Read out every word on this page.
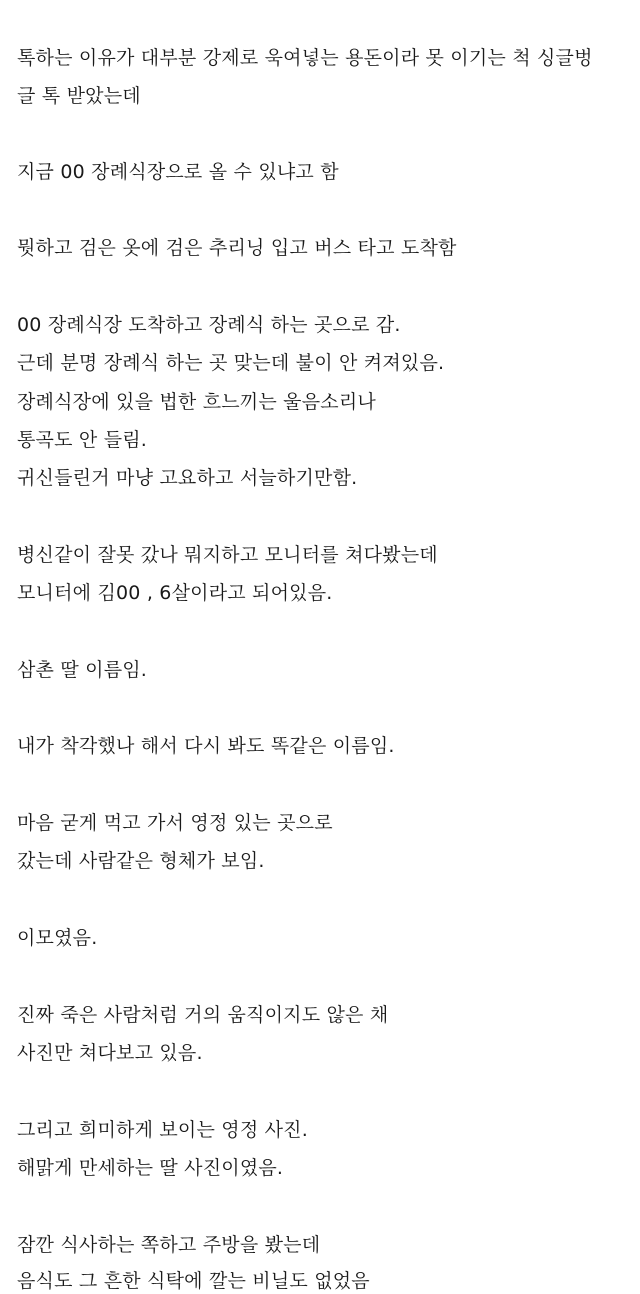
톡하는 이유가 대부분 강제로 욱여넣는 용돈이라 못 이기는 척 싱글벙
글 톡 받았는데
지금 00 장례식장으로 올 수 있냐고 함
뭣하고 검은 옷에 검은 추리닝 입고 버스 타고 도착함
00 장례식장 도착하고 장례식 하는 곳으로 감.
근데 분명 장례식 하는 곳 맞는데 불이 안 켜져있음.
장례식장에 있을 법한 흐느끼는 울음소리나
통곡도 안 들림.
귀신들린거 마냥 고요하고 서늘하기만함.
병신같이 잘못 갔나 뭐지하고 모니터를 쳐다봤는데
모니터에 김00 , 6살이라고 되어있음.
삼촌 딸 이름임.
내가 착각했나 해서 다시 봐도 똑같은 이름임.
마음 굳게 먹고 가서 영정 있는 곳으로
갔는데 사람같은 형체가 보임.
이모였음.
진짜 죽은 사람처럼 거의 움직이지도 않은 채
사진만 쳐다보고 있음.
그리고 희미하게 보이는 영정 사진.
해맑게 만세하는 딸 사진이였음.
잠깐 식사하는 쪽하고 주방을 봤는데
음식도 그 흔한 식탁에 깔는 비닐도 없었음
